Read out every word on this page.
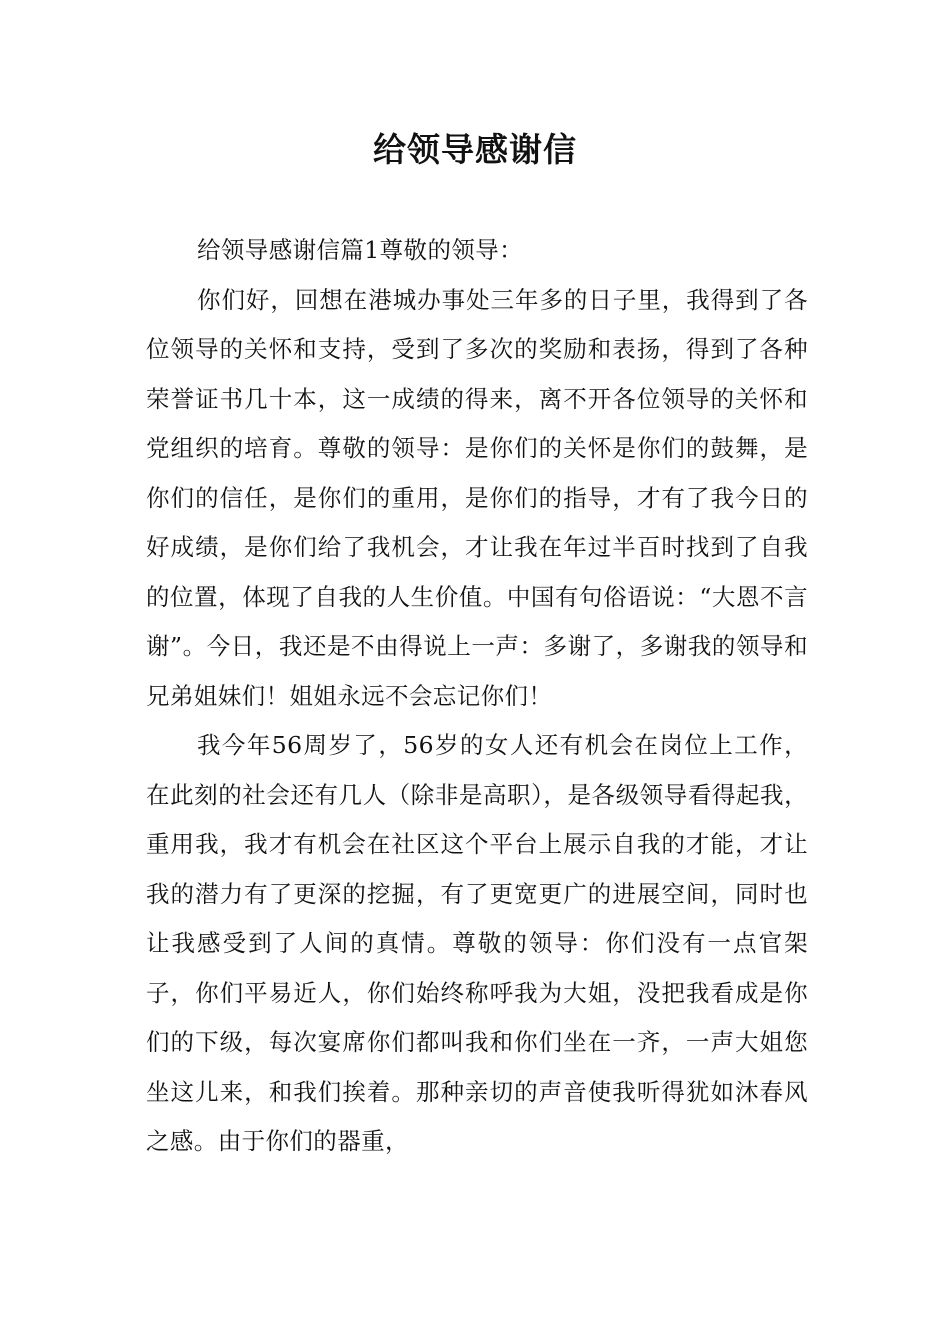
给领导感谢信

给领导感谢信篇1尊敬的领导：

你们好，回想在港城办事处三年多的日子里，我得到了各位领导的关怀和支持，受到了多次的奖励和表扬，得到了各种荣誉证书几十本，这一成绩的得来，离不开各位领导的关怀和党组织的培育。尊敬的领导：是你们的关怀是你们的鼓舞，是你们的信任，是你们的重用，是你们的指导，才有了我今日的好成绩，是你们给了我机会，才让我在年过半百时找到了自我的位置，体现了自我的人生价值。中国有句俗语说：“大恩不言谢”。今日，我还是不由得说上一声：多谢了，多谢我的领导和兄弟姐妹们！姐姐永远不会忘记你们！

我今年56周岁了，56岁的女人还有机会在岗位上工作，在此刻的社会还有几人（除非是高职），是各级领导看得起我，重用我，我才有机会在社区这个平台上展示自我的才能，才让我的潜力有了更深的挖掘，有了更宽更广的进展空间，同时也让我感受到了人间的真情。尊敬的领导：你们没有一点官架子，你们平易近人，你们始终称呼我为大姐，没把我看成是你们的下级，每次宴席你们都叫我和你们坐在一齐，一声大姐您坐这儿来，和我们挨着。那种亲切的声音使我听得犹如沐春风之感。由于你们的器重，
